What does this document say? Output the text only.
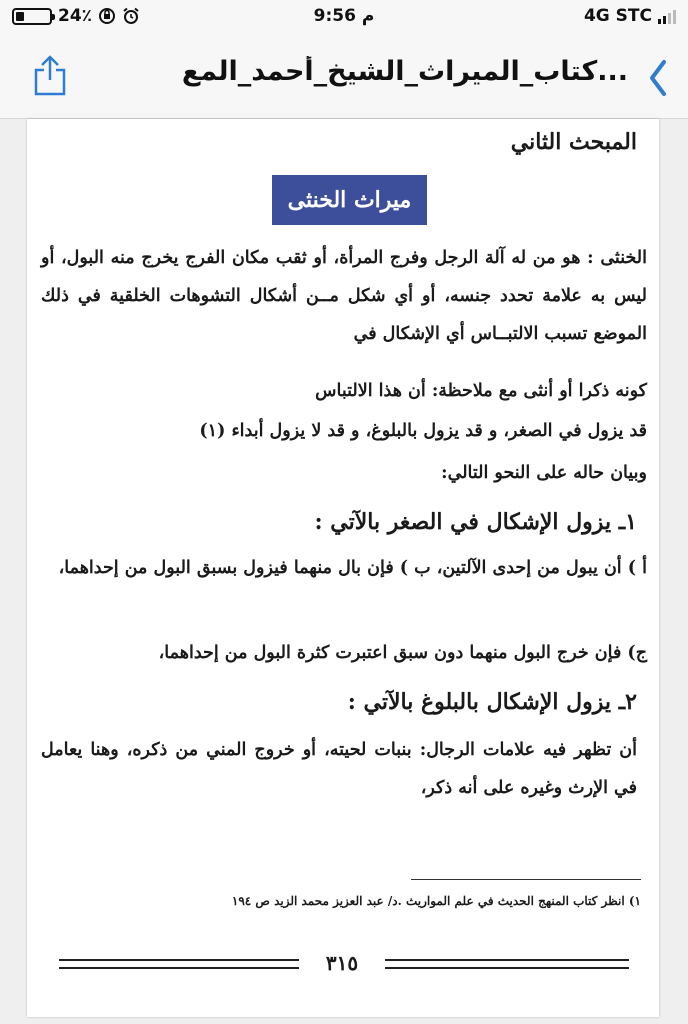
24٪	9:56 م	4G STC
كتاب_الميراث_الشيخ_أحمد_المع...
المبحث الثاني
ميراث الخنثى
الخنثى : هو من له آلة الرجل وفرج المرأة، أو ثقب مكان الفرج يخرج منه البول، أو ليس به علامة تحدد جنسه، أو أي شكل مــن أشكال التشوهات الخلقية في ذلك الموضع تسبب الالتبــاس أي الإشكال في
كونه ذكرا أو أنثى مع ملاحظة: أن هذا الالتباس
قد يزول في الصغر، و قد يزول بالبلوغ، و قد لا يزول أبداء (١)
وبيان حاله على النحو التالي:
١ـ يزول الإشكال في الصغر بالآتي :
أ ) أن يبول من إحدى الآلتين، ب ) فإن بال منهما فيزول بسبق البول من إحداهما،
ج) فإن خرج البول منهما دون سبق اعتبرت كثرة البول من إحداهما،
٢ـ يزول الإشكال بالبلوغ بالآتي :
أن تظهر فيه علامات الرجال: بنبات لحيته، أو خروج المني من ذكره، وهنا يعامل في الإرث وغيره على أنه ذكر،
١) انظر كتاب المنهج الحديث في علم المواريث .د/ عبد العزيز محمد الزيد ص ١٩٤
٣١٥
